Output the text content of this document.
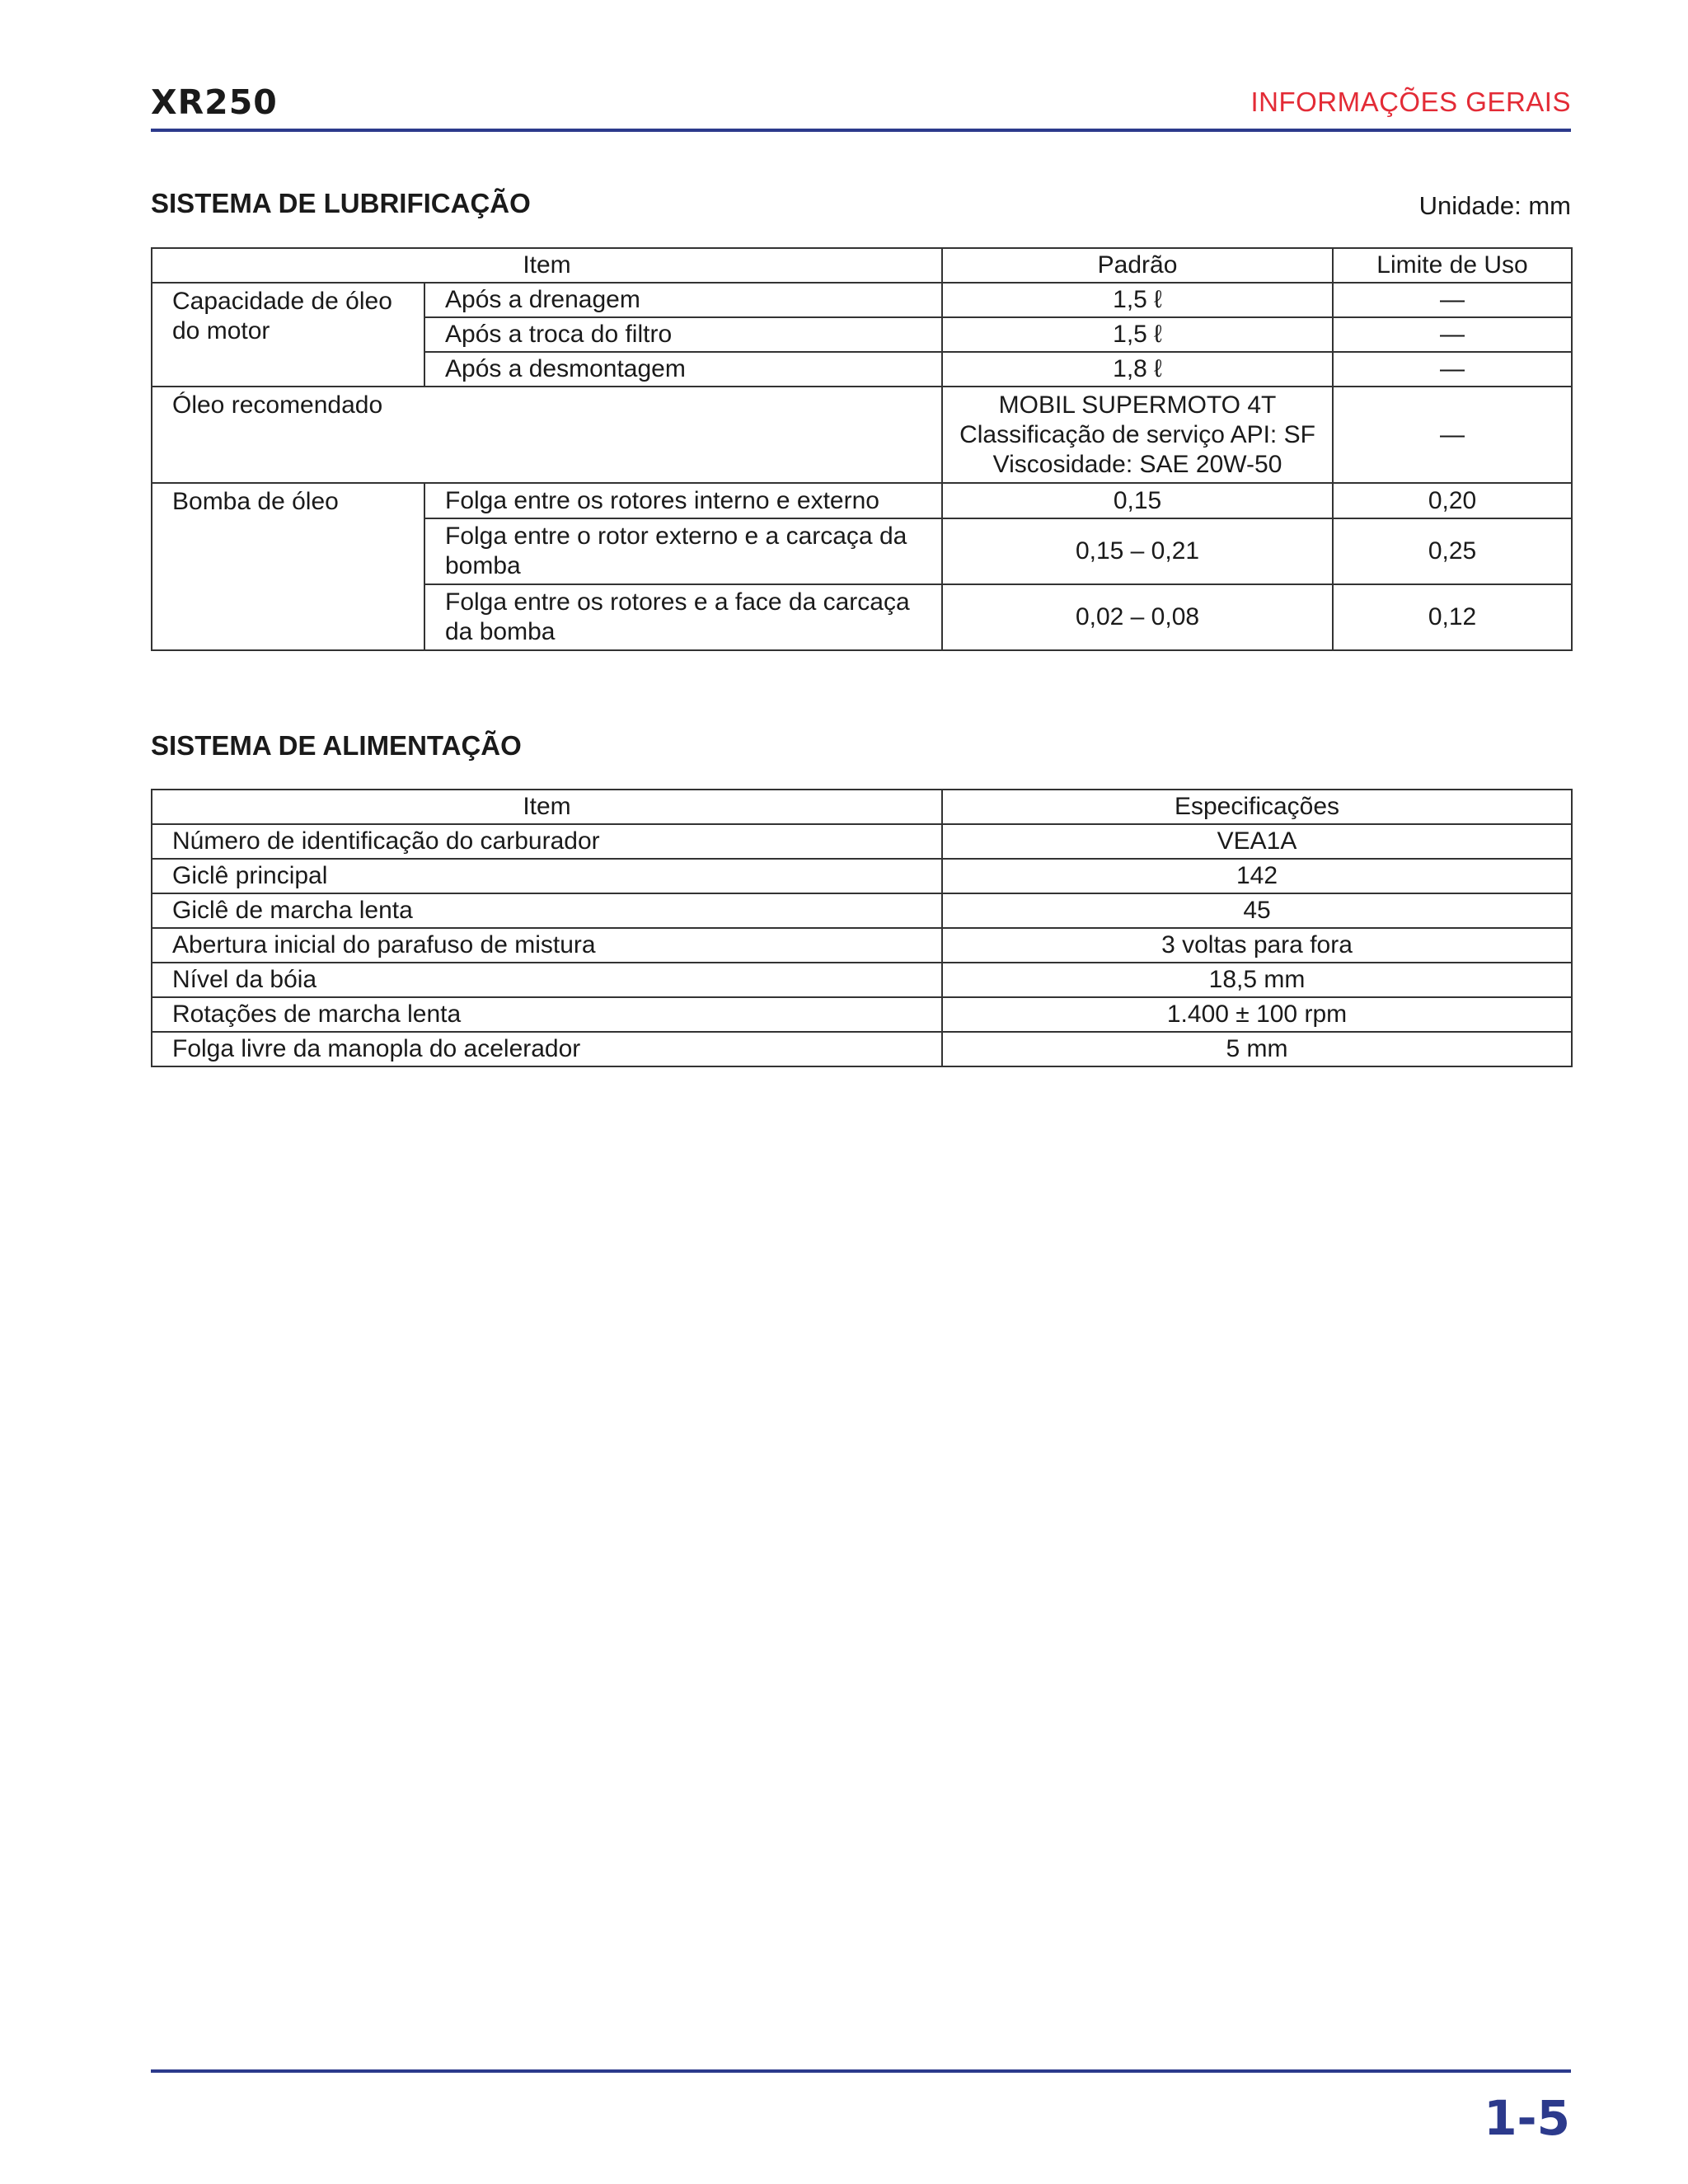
XR250	INFORMAÇÕES GERAIS
SISTEMA DE LUBRIFICAÇÃO	Unidade: mm
Item		Padrão	Limite de Uso
Capacidade de óleo do motor	Após a drenagem	1,5 ℓ	—
	Após a troca do filtro	1,5 ℓ	—
	Após a desmontagem	1,8 ℓ	—
Óleo recomendado		MOBIL SUPERMOTO 4T
Classificação de serviço API: SF
Viscosidade: SAE 20W-50	—
Bomba de óleo	Folga entre os rotores interno e externo	0,15	0,20
	Folga entre o rotor externo e a carcaça da bomba	0,15 – 0,21	0,25
	Folga entre os rotores e a face da carcaça da bomba	0,02 – 0,08	0,12
SISTEMA DE ALIMENTAÇÃO
Item	Especificações
Número de identificação do carburador	VEA1A
Giclê principal	142
Giclê de marcha lenta	45
Abertura inicial do parafuso de mistura	3 voltas para fora
Nível da bóia	18,5 mm
Rotações de marcha lenta	1.400 ± 100 rpm
Folga livre da manopla do acelerador	5 mm
1-5
